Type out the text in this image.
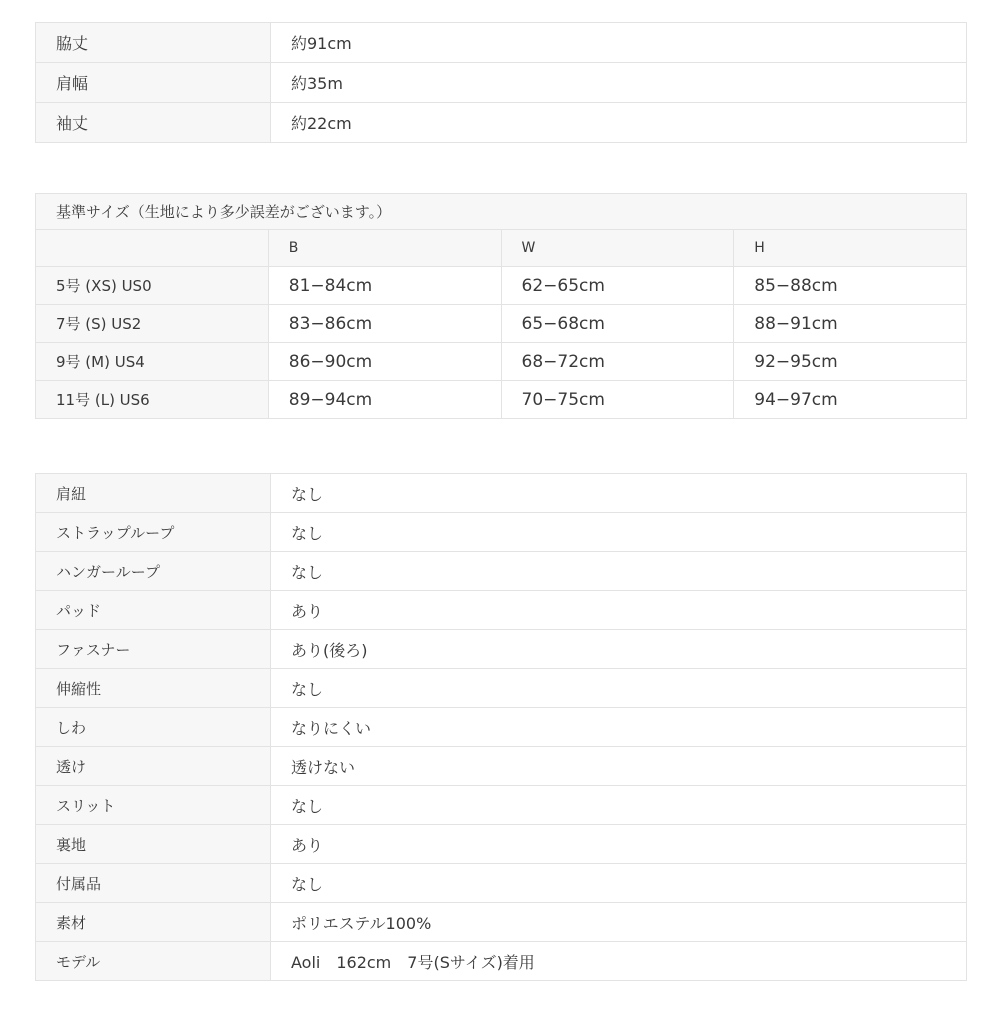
脇丈	約91cm
肩幅	約35m
袖丈	約22cm
基準サイズ（生地により多少誤差がございます。）			
	B	W	H
5号 (XS) US0	81−84cm	62−65cm	85−88cm
7号 (S) US2	83−86cm	65−68cm	88−91cm
9号 (M) US4	86−90cm	68−72cm	92−95cm
11号 (L) US6	89−94cm	70−75cm	94−97cm
肩紐	なし
ストラップループ	なし
ハンガーループ	なし
パッド	あり
ファスナー	あり(後ろ)
伸縮性	なし
しわ	なりにくい
透け	透けない
スリット	なし
裏地	あり
付属品	なし
素材	ポリエステル100%
モデル	Aoli　162cm　7号(Sサイズ)着用
